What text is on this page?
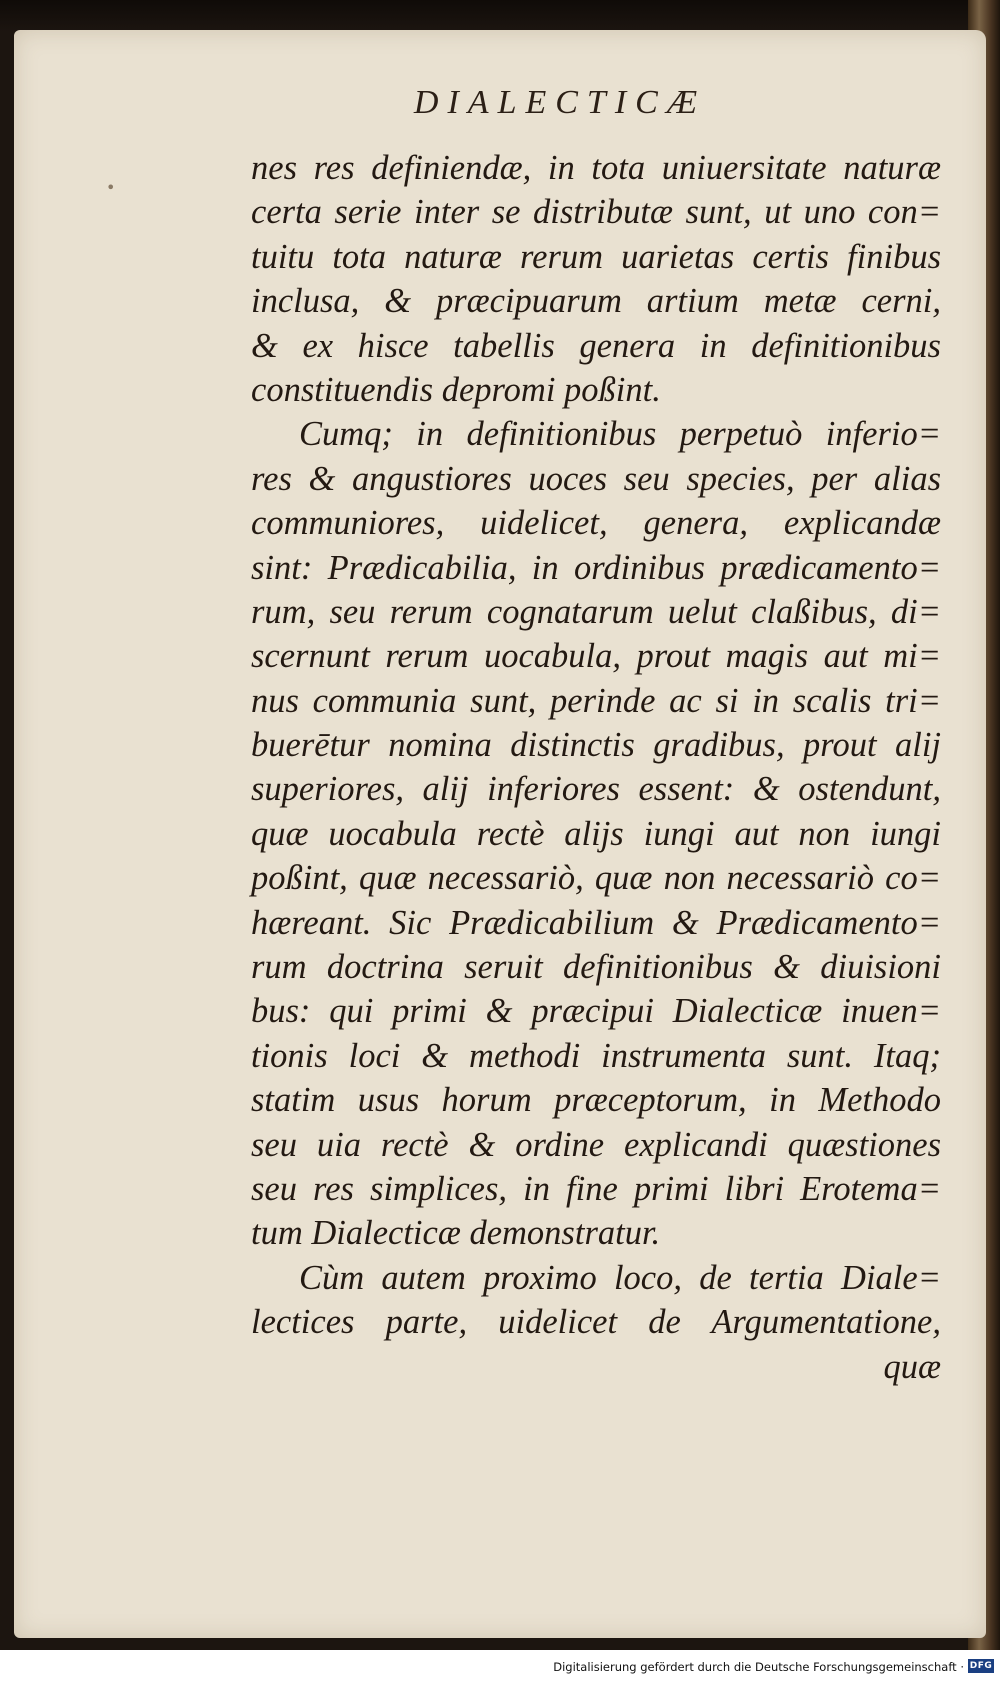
•
DIALECTICÆ
nes res definiendæ, in tota uniuersitate naturæ
certa serie inter se distributæ sunt, ut uno con=
tuitu tota naturæ rerum uarietas certis finibus
inclusa, & præcipuarum artium metæ cerni,
& ex hisce tabellis genera in definitionibus
constituendis depromi poßint.
Cumq; in definitionibus perpetuò inferio=
res & angustiores uoces seu species, per alias
communiores, uidelicet, genera, explicandæ
sint: Prædicabilia, in ordinibus prædicamento=
rum, seu rerum cognatarum uelut claßibus, di=
scernunt rerum uocabula, prout magis aut mi=
nus communia sunt, perinde ac si in scalis tri=
buerētur nomina distinctis gradibus, prout alij
superiores, alij inferiores essent: & ostendunt,
quæ uocabula rectè alijs iungi aut non iungi
poßint, quæ necessariò, quæ non necessariò co=
hæreant. Sic Prædicabilium & Prædicamento=
rum doctrina seruit definitionibus & diuisioni
bus: qui primi & præcipui Dialecticæ inuen=
tionis loci & methodi instrumenta sunt. Itaq;
statim usus horum præceptorum, in Methodo
seu uia rectè & ordine explicandi quæstiones
seu res simplices, in fine primi libri Erotema=
tum Dialecticæ demonstratur.
Cùm autem proximo loco, de tertia Diale=
lectices parte, uidelicet de Argumentatione,
quæ
Digitalisierung gefördert durch die Deutsche Forschungsgemeinschaft · DFG
